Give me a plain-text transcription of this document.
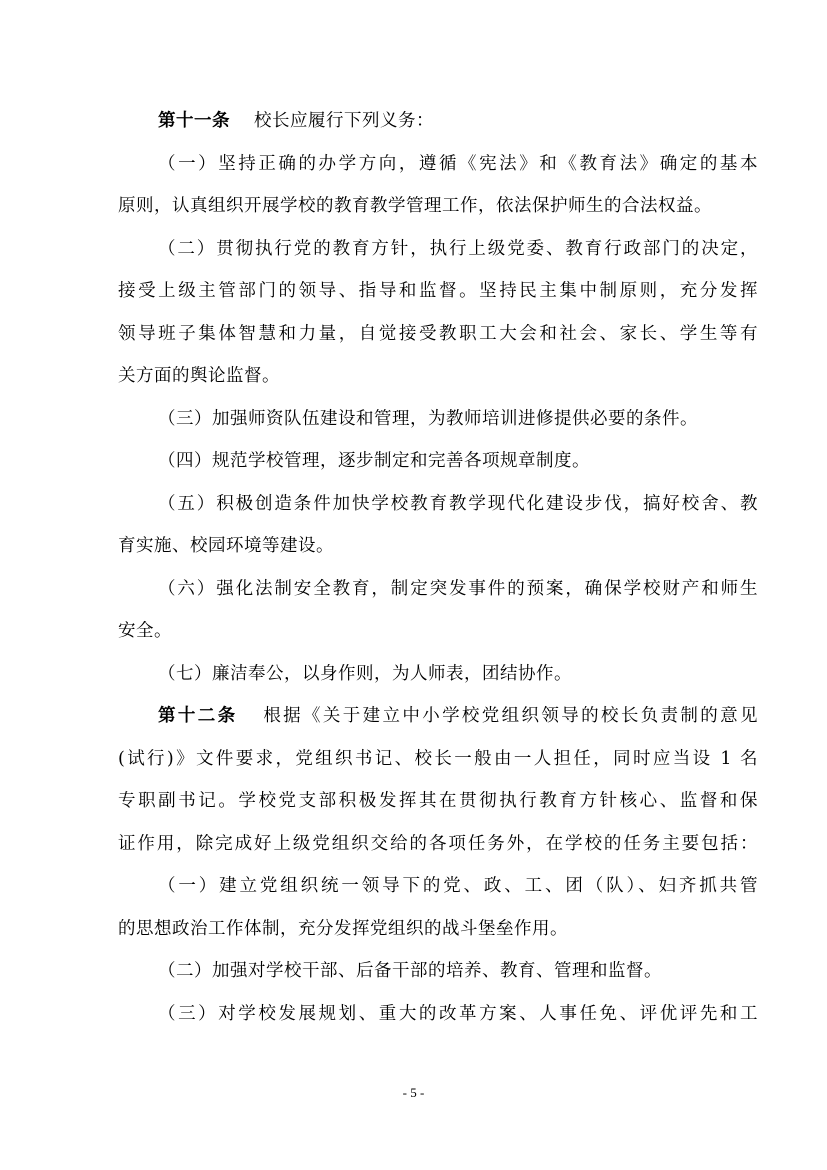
第十一条 校长应履行下列义务：
（一）坚持正确的办学方向，遵循《宪法》和《教育法》确定的基本
原则，认真组织开展学校的教育教学管理工作，依法保护师生的合法权益。
（二）贯彻执行党的教育方针，执行上级党委、教育行政部门的决定，
接受上级主管部门的领导、指导和监督。坚持民主集中制原则，充分发挥
领导班子集体智慧和力量，自觉接受教职工大会和社会、家长、学生等有
关方面的舆论监督。
（三）加强师资队伍建设和管理，为教师培训进修提供必要的条件。
（四）规范学校管理，逐步制定和完善各项规章制度。
（五）积极创造条件加快学校教育教学现代化建设步伐，搞好校舍、教
育实施、校园环境等建设。
（六）强化法制安全教育，制定突发事件的预案，确保学校财产和师生
安全。
（七）廉洁奉公，以身作则，为人师表，团结协作。
第十二条 根据《关于建立中小学校党组织领导的校长负责制的意见
(试行)》文件要求，党组织书记、校长一般由一人担任，同时应当设 1 名
专职副书记。学校党支部积极发挥其在贯彻执行教育方针核心、监督和保
证作用，除完成好上级党组织交给的各项任务外，在学校的任务主要包括：
（一）建立党组织统一领导下的党、政、工、团（队）、妇齐抓共管
的思想政治工作体制，充分发挥党组织的战斗堡垒作用。
（二）加强对学校干部、后备干部的培养、教育、管理和监督。
（三）对学校发展规划、重大的改革方案、人事任免、评优评先和工
- 5 -
